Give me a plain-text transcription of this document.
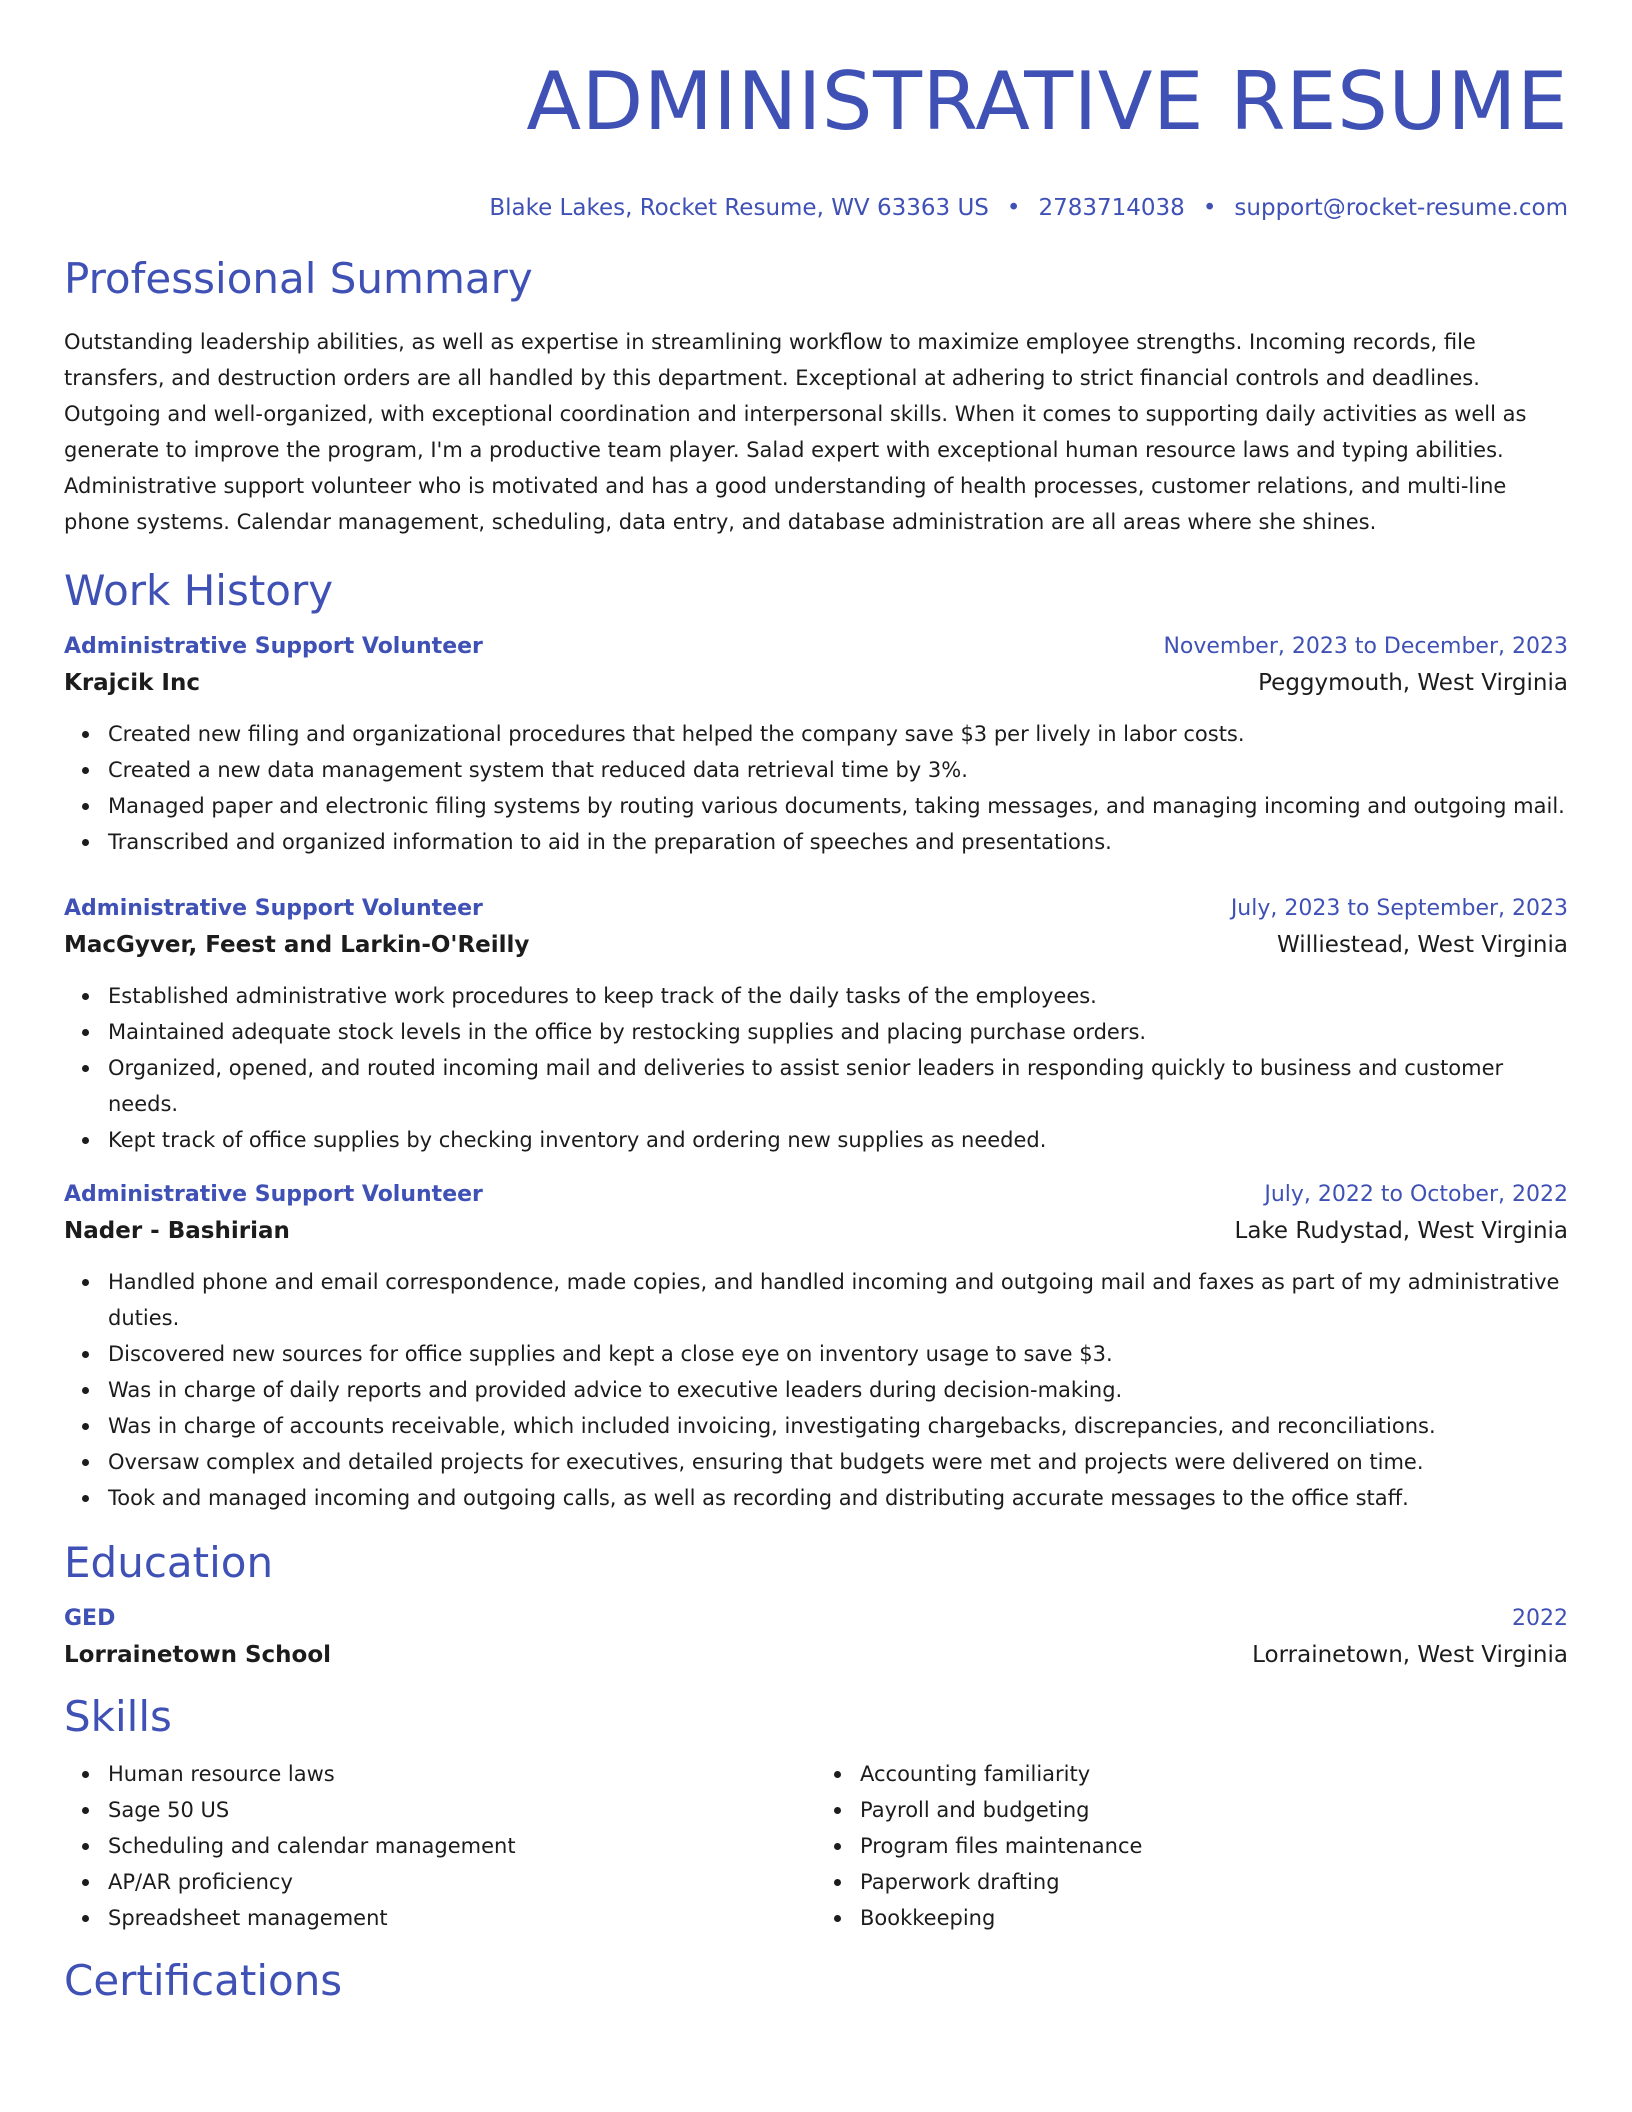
ADMINISTRATIVE RESUME
Blake Lakes, Rocket Resume, WV 63363 US • 2783714038 • support@rocket-resume.com
Professional Summary

Outstanding leadership abilities, as well as expertise in streamlining workflow to maximize employee strengths. Incoming records, file transfers, and destruction orders are all handled by this department. Exceptional at adhering to strict financial controls and deadlines. Outgoing and well-organized, with exceptional coordination and interpersonal skills. When it comes to supporting daily activities as well as generate to improve the program, I'm a productive team player. Salad expert with exceptional human resource laws and typing abilities. Administrative support volunteer who is motivated and has a good understanding of health processes, customer relations, and multi-line phone systems. Calendar management, scheduling, data entry, and database administration are all areas where she shines.

Work History
Administrative Support Volunteer	November, 2023 to December, 2023
Krajcik Inc	Peggymouth, West Virginia
Created new filing and organizational procedures that helped the company save $3 per lively in labor costs.
Created a new data management system that reduced data retrieval time by 3%.
Managed paper and electronic filing systems by routing various documents, taking messages, and managing incoming and outgoing mail.
Transcribed and organized information to aid in the preparation of speeches and presentations.
Administrative Support Volunteer	July, 2023 to September, 2023
MacGyver, Feest and Larkin-O'Reilly	Williestead, West Virginia
Established administrative work procedures to keep track of the daily tasks of the employees.
Maintained adequate stock levels in the office by restocking supplies and placing purchase orders.
Organized, opened, and routed incoming mail and deliveries to assist senior leaders in responding quickly to business and customer needs.
Kept track of office supplies by checking inventory and ordering new supplies as needed.
Administrative Support Volunteer	July, 2022 to October, 2022
Nader - Bashirian	Lake Rudystad, West Virginia
Handled phone and email correspondence, made copies, and handled incoming and outgoing mail and faxes as part of my administrative duties.
Discovered new sources for office supplies and kept a close eye on inventory usage to save $3.
Was in charge of daily reports and provided advice to executive leaders during decision-making.
Was in charge of accounts receivable, which included invoicing, investigating chargebacks, discrepancies, and reconciliations.
Oversaw complex and detailed projects for executives, ensuring that budgets were met and projects were delivered on time.
Took and managed incoming and outgoing calls, as well as recording and distributing accurate messages to the office staff.
Education
GED	2022
Lorrainetown School	Lorrainetown, West Virginia
Skills
Human resource laws
Sage 50 US
Scheduling and calendar management
AP/AR proficiency
Spreadsheet management
Accounting familiarity
Payroll and budgeting
Program files maintenance
Paperwork drafting
Bookkeeping
Certifications
